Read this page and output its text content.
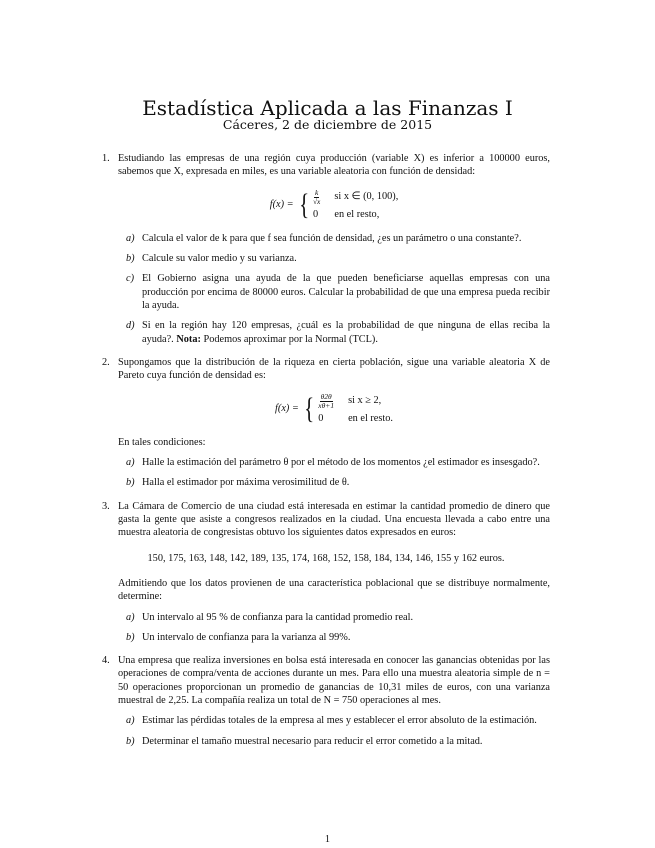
Estadística Aplicada a las Finanzas I
Cáceres, 2 de diciembre de 2015
1. Estudiando las empresas de una región cuya producción (variable X) es inferior a 100000 euros, sabemos que X, expresada en miles, es una variable aleatoria con función de densidad:

f(x) = { $\frac{k}{√x}$ si x ∈ (0, 100),
0 en el resto,
a) Calcula el valor de k para que f sea función de densidad, ¿es un parámetro o una constante?.
b) Calcule su valor medio y su varianza.
c) El Gobierno asigna una ayuda de la que pueden beneficiarse aquellas empresas con una producción por encima de 80000 euros. Calcular la probabilidad de que una empresa pueda recibir la ayuda.
d) Si en la región hay 120 empresas, ¿cuál es la probabilidad de que ninguna de ellas reciba la ayuda?. Nota: Podemos aproximar por la Normal (TCL).
2. Supongamos que la distribución de la riqueza en cierta población, sigue una variable aleatoria X de Pareto cuya función de densidad es:

f(x) = { $\frac{\theta 2\theta}{x\theta+1}$ si x ≥ 2,
0	en el resto.

En tales condiciones:

a) Halle la estimación del parámetro θ por el método de los momentos ¿el estimador es insesgado?.
b) Halla el estimador por máxima verosimilitud de θ.
3. La Cámara de Comercio de una ciudad está interesada en estimar la cantidad promedio de dinero que gasta la gente que asiste a congresos realizados en la ciudad. Una encuesta llevada a cabo entre una muestra aleatoria de congresistas obtuvo los siguientes datos expresados en euros:

150, 175, 163, 148, 142, 189, 135, 174, 168, 152, 158, 184, 134, 146, 155 y 162 euros.

Admitiendo que los datos provienen de una característica poblacional que se distribuye normalmente, determine:

a) Un intervalo al 95 % de confianza para la cantidad promedio real.
b) Un intervalo de confianza para la varianza al 99%.
4. Una empresa que realiza inversiones en bolsa está interesada en conocer las ganancias obtenidas por las operaciones de compra/venta de acciones durante un mes. Para ello una muestra aleatoria simple de n = 50 operaciones proporcionan un promedio de ganancias de 10,31 miles de euros, con una varianza muestral de 2,25. La compañía realiza un total de N = 750 operaciones al mes.

a) Estimar las pérdidas totales de la empresa al mes y establecer el error absoluto de la estimación.
b) Determinar el tamaño muestral necesario para reducir el error cometido a la mitad.
1
